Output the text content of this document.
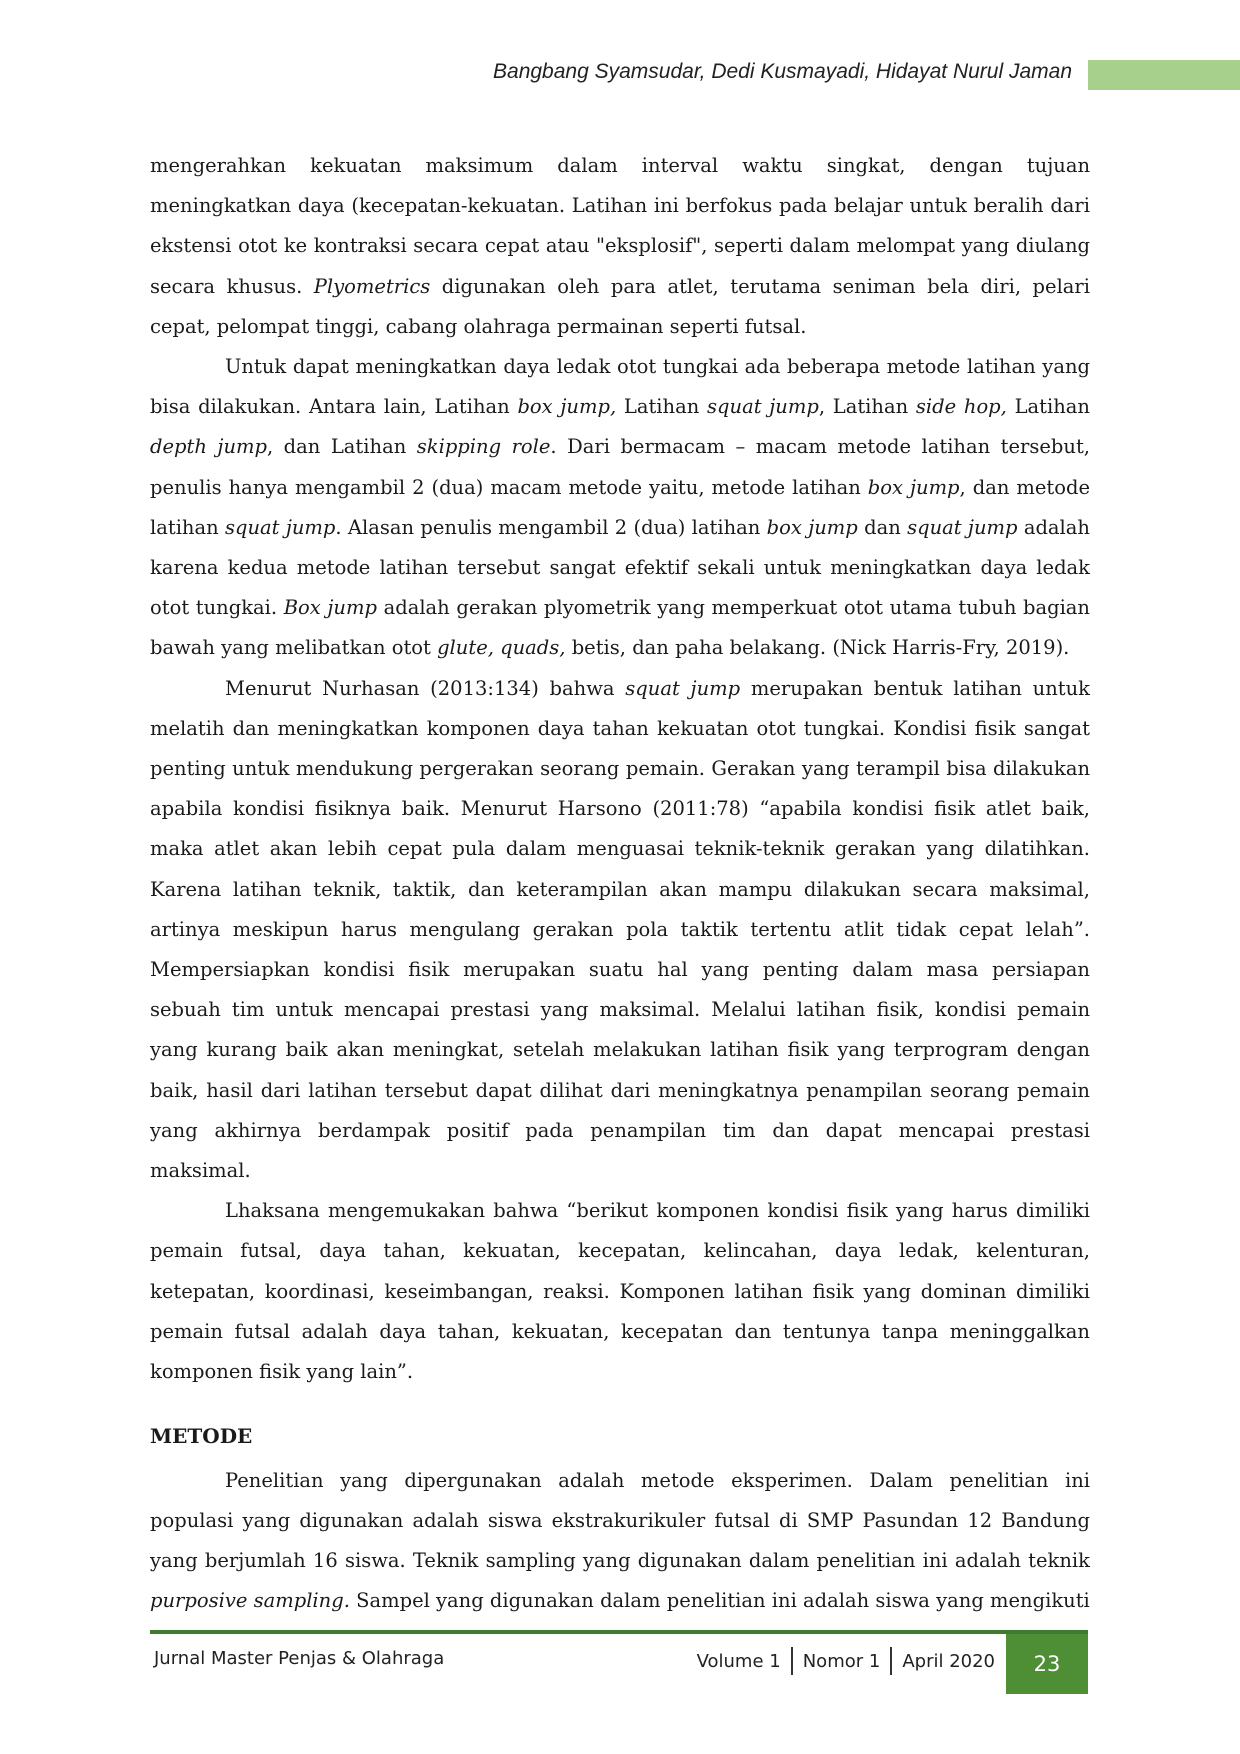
Bangbang Syamsudar, Dedi Kusmayadi, Hidayat Nurul Jaman

mengerahkan kekuatan maksimum dalam interval waktu singkat, dengan tujuan meningkatkan daya (kecepatan-kekuatan. Latihan ini berfokus pada belajar untuk beralih dari ekstensi otot ke kontraksi secara cepat atau "eksplosif", seperti dalam melompat yang diulang secara khusus. Plyometrics digunakan oleh para atlet, terutama seniman bela diri, pelari cepat, pelompat tinggi, cabang olahraga permainan seperti futsal.

Untuk dapat meningkatkan daya ledak otot tungkai ada beberapa metode latihan yang bisa dilakukan. Antara lain, Latihan box jump, Latihan squat jump, Latihan side hop, Latihan depth jump, dan Latihan skipping role. Dari bermacam – macam metode latihan tersebut, penulis hanya mengambil 2 (dua) macam metode yaitu, metode latihan box jump, dan metode latihan squat jump. Alasan penulis mengambil 2 (dua) latihan box jump dan squat jump adalah karena kedua metode latihan tersebut sangat efektif sekali untuk meningkatkan daya ledak otot tungkai. Box jump adalah gerakan plyometrik yang memperkuat otot utama tubuh bagian bawah yang melibatkan otot glute, quads, betis, dan paha belakang. (Nick Harris-Fry, 2019).

Menurut Nurhasan (2013:134) bahwa squat jump merupakan bentuk latihan untuk melatih dan meningkatkan komponen daya tahan kekuatan otot tungkai. Kondisi fisik sangat penting untuk mendukung pergerakan seorang pemain. Gerakan yang terampil bisa dilakukan apabila kondisi fisiknya baik. Menurut Harsono (2011:78) “apabila kondisi fisik atlet baik, maka atlet akan lebih cepat pula dalam menguasai teknik-teknik gerakan yang dilatihkan. Karena latihan teknik, taktik, dan keterampilan akan mampu dilakukan secara maksimal, artinya meskipun harus mengulang gerakan pola taktik tertentu atlit tidak cepat lelah”. Mempersiapkan kondisi fisik merupakan suatu hal yang penting dalam masa persiapan sebuah tim untuk mencapai prestasi yang maksimal. Melalui latihan fisik, kondisi pemain yang kurang baik akan meningkat, setelah melakukan latihan fisik yang terprogram dengan baik, hasil dari latihan tersebut dapat dilihat dari meningkatnya penampilan seorang pemain yang akhirnya berdampak positif pada penampilan tim dan dapat mencapai prestasi maksimal.

Lhaksana mengemukakan bahwa “berikut komponen kondisi fisik yang harus dimiliki pemain futsal, daya tahan, kekuatan, kecepatan, kelincahan, daya ledak, kelenturan, ketepatan, koordinasi, keseimbangan, reaksi. Komponen latihan fisik yang dominan dimiliki pemain futsal adalah daya tahan, kekuatan, kecepatan dan tentunya tanpa meninggalkan komponen fisik yang lain”.

METODE

Penelitian yang dipergunakan adalah metode eksperimen. Dalam penelitian ini populasi yang digunakan adalah siswa ekstrakurikuler futsal di SMP Pasundan 12 Bandung yang berjumlah 16 siswa. Teknik sampling yang digunakan dalam penelitian ini adalah teknik purposive sampling. Sampel yang digunakan dalam penelitian ini adalah siswa yang mengikuti

Jurnal Master Penjas & Olahraga	Volume 1 Nomor 1 April 2020	23
